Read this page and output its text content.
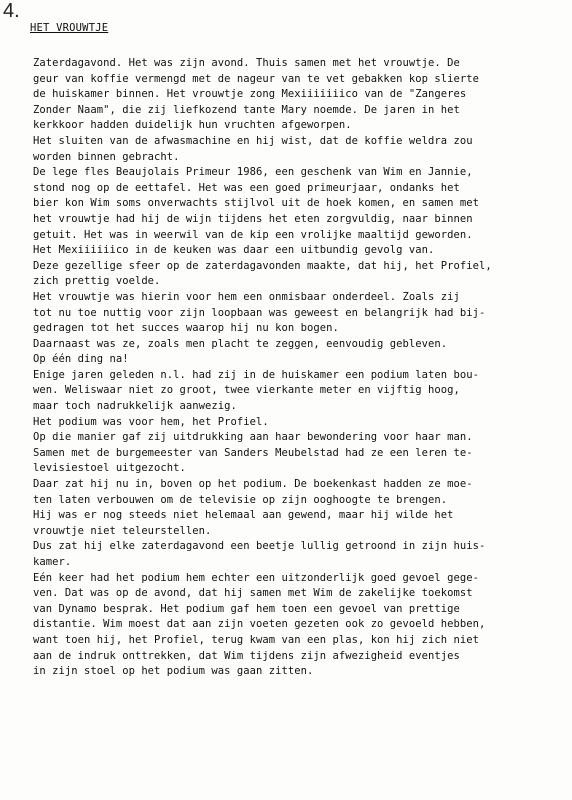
4.
HET VROUWTJE
Zaterdagavond. Het was zijn avond. Thuis samen met het vrouwtje. De
geur van koffie vermengd met de nageur van te vet gebakken kop slierte
de huiskamer binnen. Het vrouwtje zong Mexiiiiiiico van de "Zangeres
Zonder Naam", die zij liefkozend tante Mary noemde. De jaren in het
kerkkoor hadden duidelijk hun vruchten afgeworpen.
Het sluiten van de afwasmachine en hij wist, dat de koffie weldra zou
worden binnen gebracht.
De lege fles Beaujolais Primeur 1986, een geschenk van Wim en Jannie,
stond nog op de eettafel. Het was een goed primeurjaar, ondanks het
bier kon Wim soms onverwachts stijlvol uit de hoek komen, en samen met
het vrouwtje had hij de wijn tijdens het eten zorgvuldig, naar binnen
getuit. Het was in weerwil van de kip een vrolijke maaltijd geworden.
Het Mexiiiiiico in de keuken was daar een uitbundig gevolg van.
Deze gezellige sfeer op de zaterdagavonden maakte, dat hij, het Profiel,
zich prettig voelde.
Het vrouwtje was hierin voor hem een onmisbaar onderdeel. Zoals zij
tot nu toe nuttig voor zijn loopbaan was geweest en belangrijk had bij-
gedragen tot het succes waarop hij nu kon bogen.
Daarnaast was ze, zoals men placht te zeggen, eenvoudig gebleven.
Op één ding na!
Enige jaren geleden n.l. had zij in de huiskamer een podium laten bou-
wen. Weliswaar niet zo groot, twee vierkante meter en vijftig hoog,
maar toch nadrukkelijk aanwezig.
Het podium was voor hem, het Profiel.
Op die manier gaf zij uitdrukking aan haar bewondering voor haar man.
Samen met de burgemeester van Sanders Meubelstad had ze een leren te-
levisiestoel uitgezocht.
Daar zat hij nu in, boven op het podium. De boekenkast hadden ze moe-
ten laten verbouwen om de televisie op zijn ooghoogte te brengen.
Hij was er nog steeds niet helemaal aan gewend, maar hij wilde het
vrouwtje niet teleurstellen.
Dus zat hij elke zaterdagavond een beetje lullig getroond in zijn huis-
kamer.
Eén keer had het podium hem echter een uitzonderlijk goed gevoel gege-
ven. Dat was op de avond, dat hij samen met Wim de zakelijke toekomst
van Dynamo besprak. Het podium gaf hem toen een gevoel van prettige
distantie. Wim moest dat aan zijn voeten gezeten ook zo gevoeld hebben,
want toen hij, het Profiel, terug kwam van een plas, kon hij zich niet
aan de indruk onttrekken, dat Wim tijdens zijn afwezigheid eventjes
in zijn stoel op het podium was gaan zitten.
